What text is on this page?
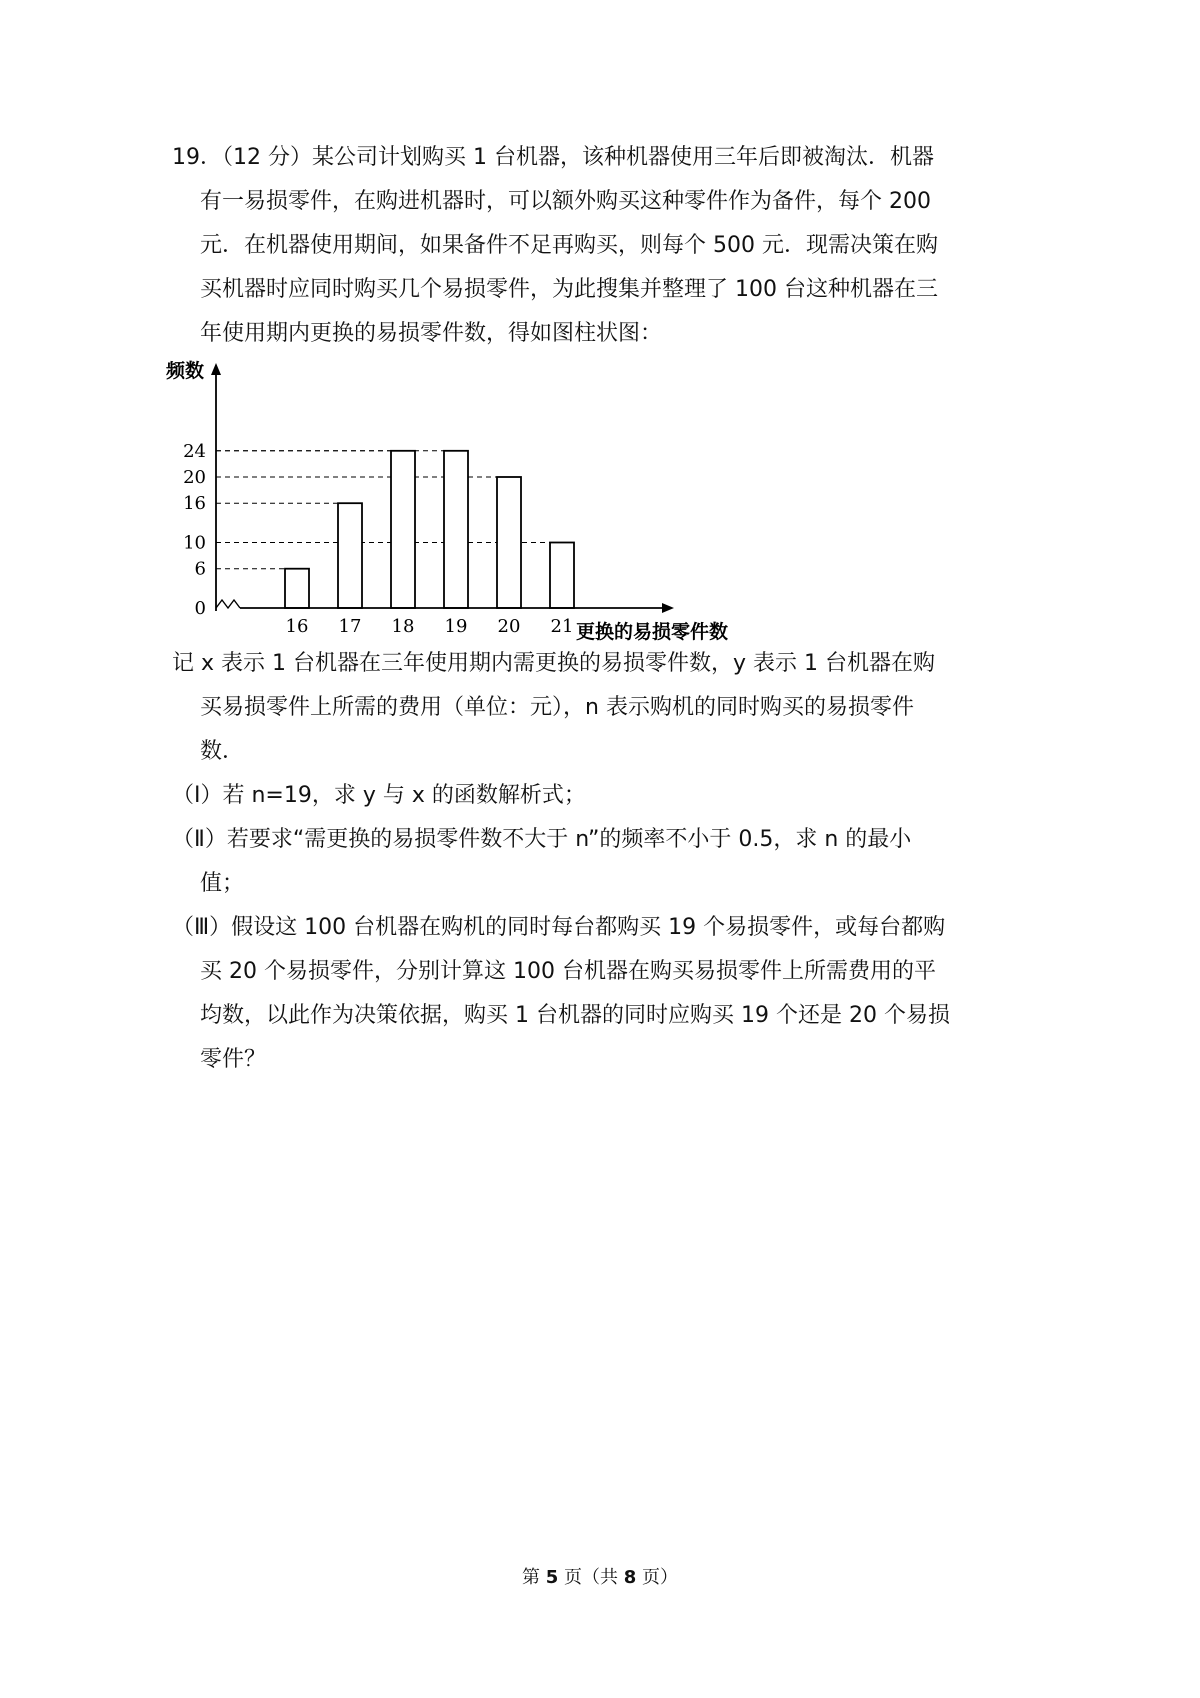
19．（12 分）某公司计划购买 1 台机器，该种机器使用三年后即被淘汰．机器
有一易损零件，在购进机器时，可以额外购买这种零件作为备件，每个 200
元．在机器使用期间，如果备件不足再购买，则每个 500 元．现需决策在购
买机器时应同时购买几个易损零件，为此搜集并整理了 100 台这种机器在三
年使用期内更换的易损零件数，得如图柱状图：
频数
更换的易损零件数
16 17 18 19 20 21
0
6
10
16
20
24
记 x 表示 1 台机器在三年使用期内需更换的易损零件数，y 表示 1 台机器在购
买易损零件上所需的费用（单位：元），n 表示购机的同时购买的易损零件
数．
（Ⅰ）若 n=19，求 y 与 x 的函数解析式；
（Ⅱ）若要求“需更换的易损零件数不大于 n”的频率不小于 0.5，求 n 的最小
值；
（Ⅲ）假设这 100 台机器在购机的同时每台都购买 19 个易损零件，或每台都购
买 20 个易损零件，分别计算这 100 台机器在购买易损零件上所需费用的平
均数，以此作为决策依据，购买 1 台机器的同时应购买 19 个还是 20 个易损
零件？
第 5 页（共 8 页）
